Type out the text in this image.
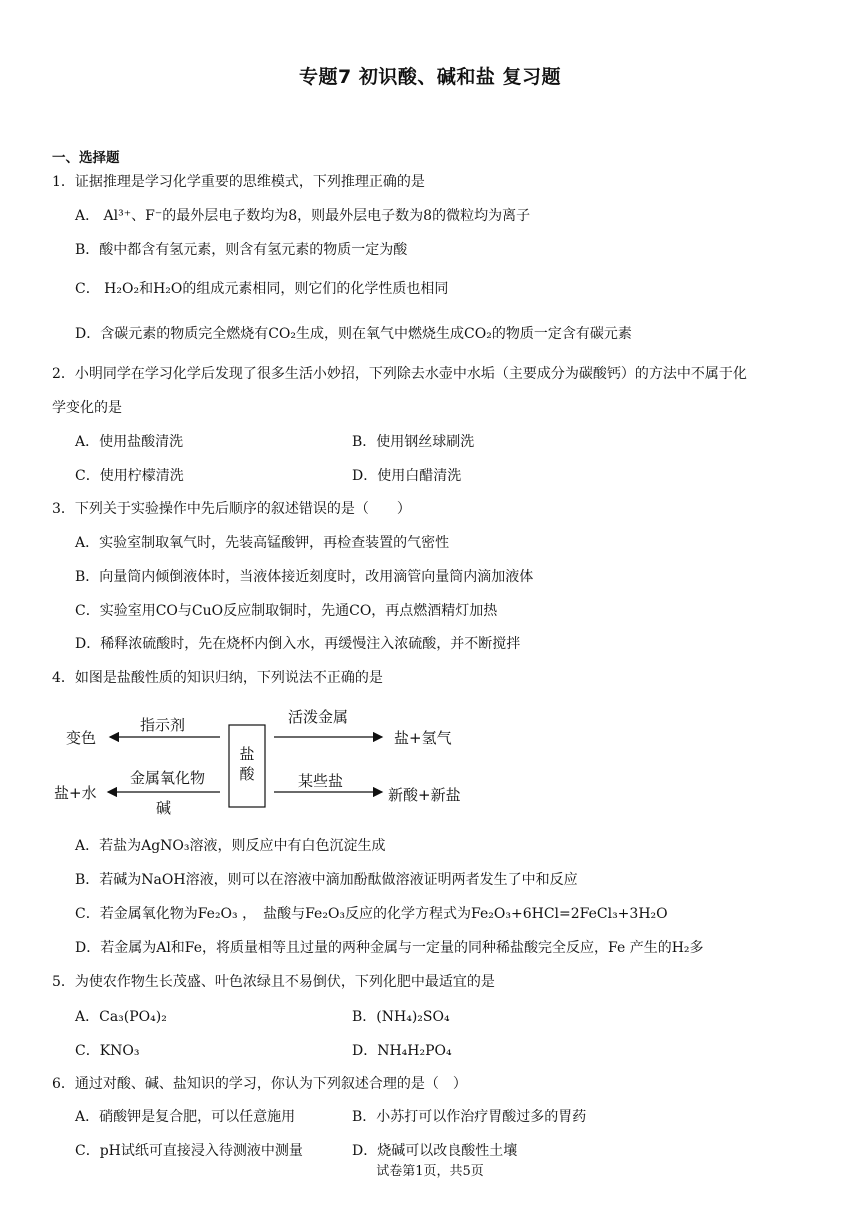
专题7 初识酸、碱和盐 复习题
一、选择题
1．证据推理是学习化学重要的思维模式，下列推理正确的是
A． Al³⁺、F⁻的最外层电子数均为8，则最外层电子数为8的微粒均为离子
B．酸中都含有氢元素，则含有氢元素的物质一定为酸
C． H₂O₂和H₂O的组成元素相同，则它们的化学性质也相同
D．含碳元素的物质完全燃烧有CO₂生成，则在氧气中燃烧生成CO₂的物质一定含有碳元素
2．小明同学在学习化学后发现了很多生活小妙招，下列除去水壶中水垢（主要成分为碳酸钙）的方法中不属于化
学变化的是
A．使用盐酸清洗	B．使用钢丝球刷洗
C．使用柠檬清洗	D．使用白醋清洗
3．下列关于实验操作中先后顺序的叙述错误的是（　　）
A．实验室制取氧气时，先装高锰酸钾，再检查装置的气密性
B．向量筒内倾倒液体时，当液体接近刻度时，改用滴管向量筒内滴加液体
C．实验室用CO与CuO反应制取铜时，先通CO，再点燃酒精灯加热
D．稀释浓硫酸时，先在烧杯内倒入水，再缓慢注入浓硫酸，并不断搅拌
4．如图是盐酸性质的知识归纳，下列说法不正确的是
盐酸
指示剂
变色
活泼金属
盐+氢气
金属氧化物
碱
盐+水
某些盐
新酸+新盐
A．若盐为AgNO₃溶液，则反应中有白色沉淀生成
B．若碱为NaOH溶液，则可以在溶液中滴加酚酞做溶液证明两者发生了中和反应
C．若金属氧化物为Fe₂O₃ ，　盐酸与Fe₂O₃反应的化学方程式为Fe₂O₃+6HCl=2FeCl₃+3H₂O
D．若金属为Al和Fe，将质量相等且过量的两种金属与一定量的同种稀盐酸完全反应，Fe 产生的H₂多
5．为使农作物生长茂盛、叶色浓绿且不易倒伏，下列化肥中最适宜的是
A．Ca₃(PO₄)₂	B．(NH₄)₂SO₄
C．KNO₃	D．NH₄H₂PO₄
6．通过对酸、碱、盐知识的学习，你认为下列叙述合理的是（　）
A．硝酸钾是复合肥，可以任意施用	B．小苏打可以作治疗胃酸过多的胃药
C．pH试纸可直接浸入待测液中测量	D．烧碱可以改良酸性土壤
试卷第1页，共5页
